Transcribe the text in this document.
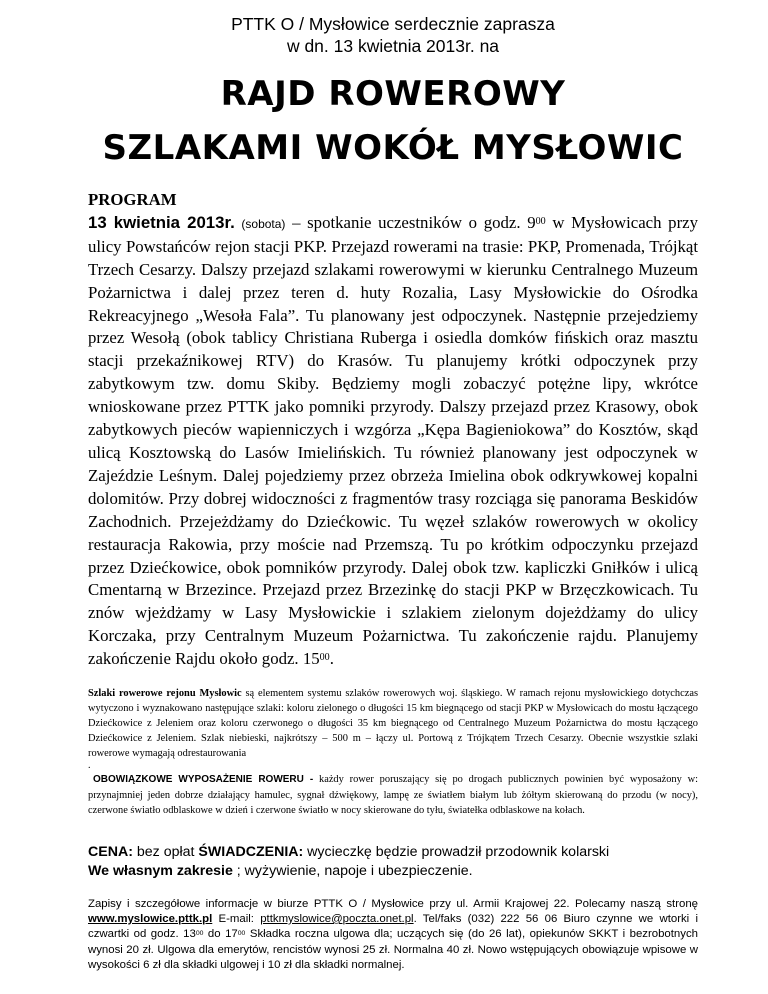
PTTK O / Mysłowice serdecznie zaprasza
w dn. 13 kwietnia 2013r. na
RAJD ROWEROWY
SZLAKAMI WOKÓŁ MYSŁOWIC
PROGRAM
13 kwietnia 2013r. (sobota) – spotkanie uczestników o godz. $9^{00}$ w Mysłowicach przy ulicy Powstańców rejon stacji PKP. Przejazd rowerami na trasie: PKP, Promenada, Trójkąt Trzech Cesarzy. Dalszy przejazd szlakami rowerowymi w kierunku Centralnego Muzeum Pożarnictwa i dalej przez teren d. huty Rozalia, Lasy Mysłowickie do Ośrodka Rekreacyjnego „Wesoła Fala”. Tu planowany jest odpoczynek. Następnie przejedziemy przez Wesołą (obok tablicy Christiana Ruberga i osiedla domków fińskich oraz masztu stacji przekaźnikowej RTV) do Krasów. Tu planujemy krótki odpoczynek przy zabytkowym tzw. domu Skiby. Będziemy mogli zobaczyć potężne lipy, wkrótce wnioskowane przez PTTK jako pomniki przyrody. Dalszy przejazd przez Krasowy, obok zabytkowych pieców wapienniczych i wzgórza „Kępa Bagieniokowa” do Kosztów, skąd ulicą Kosztowską do Lasów Imielińskich. Tu również planowany jest odpoczynek w Zajeździe Leśnym. Dalej pojedziemy przez obrzeża Imielina obok odkrywkowej kopalni dolomitów. Przy dobrej widoczności z fragmentów trasy rozciąga się panorama Beskidów Zachodnich. Przejeżdżamy do Dziećkowic. Tu węzeł szlaków rowerowych w okolicy restauracja Rakowia, przy moście nad Przemszą. Tu po krótkim odpoczynku przejazd przez Dziećkowice, obok pomników przyrody. Dalej obok tzw. kapliczki Gniłków i ulicą Cmentarną w Brzezince. Przejazd przez Brzezinkę do stacji PKP w Brzęczkowicach. Tu znów wjeżdżamy w Lasy Mysłowickie i szlakiem zielonym dojeżdżamy do ulicy Korczaka, przy Centralnym Muzeum Pożarnictwa. Tu zakończenie rajdu. Planujemy zakończenie Rajdu około godz. $15^{00}$.
Szlaki rowerowe rejonu Mysłowic są elementem systemu szlaków rowerowych woj. śląskiego. W ramach rejonu mysłowickiego dotychczas wytyczono i wyznakowano następujące szlaki: koloru zielonego o długości 15 km biegnącego od stacji PKP w Mysłowicach do mostu łączącego Dziećkowice z Jeleniem oraz koloru czerwonego o długości 35 km biegnącego od Centralnego Muzeum Pożarnictwa do mostu łączącego Dziećkowice z Jeleniem. Szlak niebieski, najkrótszy – 500 m – łączy ul. Portową z Trójkątem Trzech Cesarzy. Obecnie wszystkie szlaki rowerowe wymagają odrestaurowania
.
OBOWIĄZKOWE WYPOSAŻENIE ROWERU - każdy rower poruszający się po drogach publicznych powinien być wyposażony w: przynajmniej jeden dobrze działający hamulec, sygnał dźwiękowy, lampę ze światłem białym lub żółtym skierowaną do przodu (w nocy), czerwone światło odblaskowe w dzień i czerwone światło w nocy skierowane do tyłu, światełka odblaskowe na kołach.
CENA: bez opłat ŚWIADCZENIA: wycieczkę będzie prowadził przodownik kolarski
We własnym zakresie ; wyżywienie, napoje i ubezpieczenie.
Zapisy i szczegółowe informacje w biurze PTTK O / Mysłowice przy ul. Armii Krajowej 22. Polecamy naszą stronę www.myslowice.pttk.pl E-mail: pttkmyslowice@poczta.onet.pl. Tel/faks (032) 222 56 06 Biuro czynne we wtorki i czwartki od godz. $13^{00}$ do $17^{00}$ Składka roczna ulgowa dla; uczących się (do 26 lat), opiekunów SKKT i bezrobotnych wynosi 20 zł. Ulgowa dla emerytów, rencistów wynosi 25 zł. Normalna 40 zł. Nowo wstępujących obowiązuje wpisowe w wysokości 6 zł dla składki ulgowej i 10 zł dla składki normalnej.
